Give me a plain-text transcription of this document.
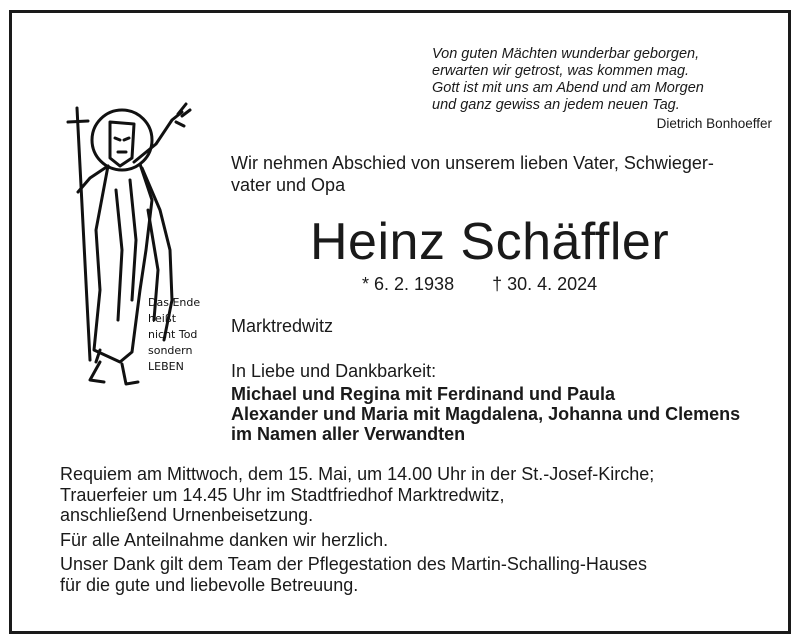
Von guten Mächten wunderbar geborgen,
erwarten wir getrost, was kommen mag.
Gott ist mit uns am Abend und am Morgen
und ganz gewiss an jedem neuen Tag.
Dietrich Bonhoeffer
Das Ende
heißt
nicht Tod
sondern
LEBEN
Wir nehmen Abschied von unserem lieben Vater, Schwieger-
vater und Opa
Heinz Schäffler
* 6. 2. 1938 † 30. 4. 2024
Marktredwitz
In Liebe und Dankbarkeit:
Michael und Regina mit Ferdinand und Paula
Alexander und Maria mit Magdalena, Johanna und Clemens
im Namen aller Verwandten
Requiem am Mittwoch, dem 15. Mai, um 14.00 Uhr in der St.-Josef-Kirche;
Trauerfeier um 14.45 Uhr im Stadtfriedhof Marktredwitz,
anschließend Urnenbeisetzung.
Für alle Anteilnahme danken wir herzlich.
Unser Dank gilt dem Team der Pflegestation des Martin-Schalling-Hauses
für die gute und liebevolle Betreuung.
